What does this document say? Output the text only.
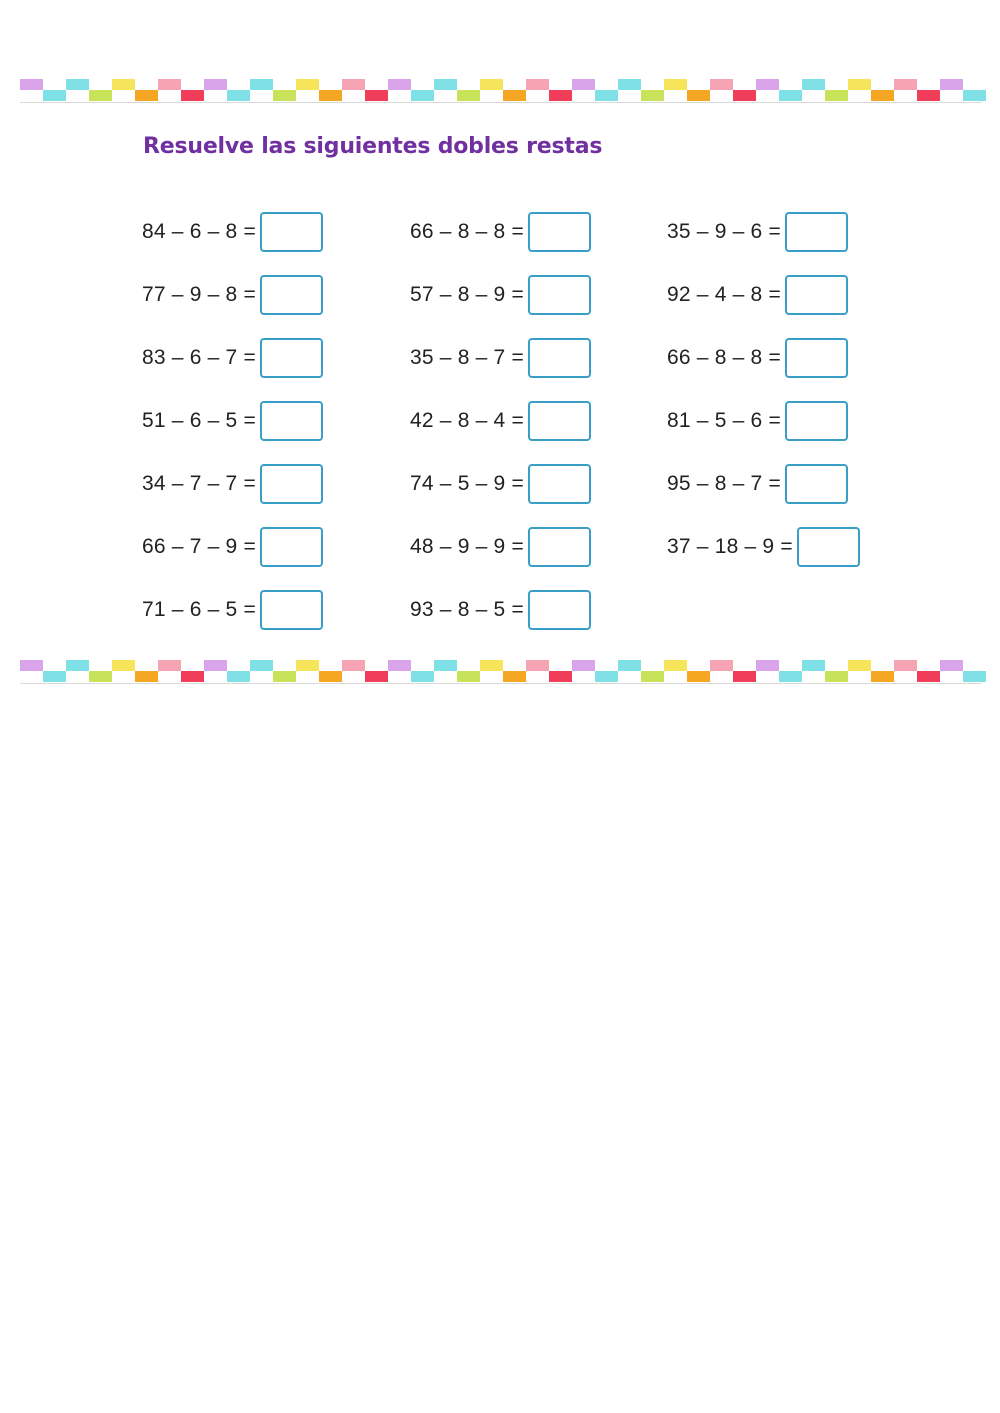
Resuelve las siguientes dobles restas
84 – 6 – 8 =
77 – 9 – 8 =
83 – 6 – 7 =
51 – 6 – 5 =
34 – 7 – 7 =
66 – 7 – 9 =
71 – 6 – 5 =
66 – 8 – 8 =
57 – 8 – 9 =
35 – 8 – 7 =
42 – 8 – 4 =
74 – 5 – 9 =
48 – 9 – 9 =
93 – 8 – 5 =
35 – 9 – 6 =
92 – 4 – 8 =
66 – 8 – 8 =
81 – 5 – 6 =
95 – 8 – 7 =
37 – 18 – 9 =
